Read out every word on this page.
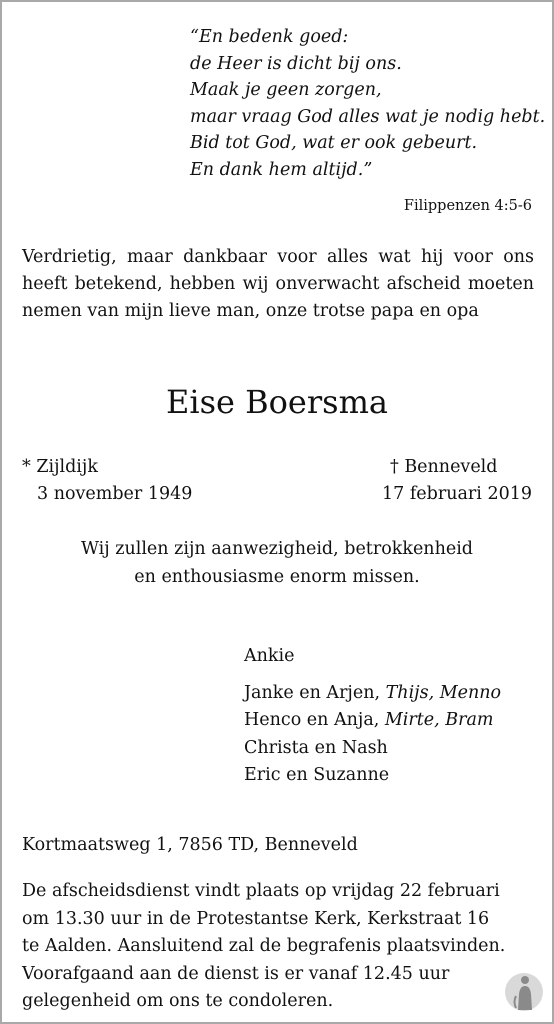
“En bedenk goed:
de Heer is dicht bij ons.
Maak je geen zorgen,
maar vraag God alles wat je nodig hebt.
Bid tot God, wat er ook gebeurt.
En dank hem altijd.”
Filippenzen 4:5-6
Verdrietig, maar dankbaar voor alles wat hij voor ons heeft betekend, hebben wij onverwacht afscheid moeten nemen van mijn lieve man, onze trotse papa en opa
Eise Boersma
* Zijldijk
3 november 1949
† Benneveld
17 februari 2019
Wij zullen zijn aanwezigheid, betrokkenheid
en enthousiasme enorm missen.
Ankie
Janke en Arjen, Thijs, Menno
Henco en Anja, Mirte, Bram
Christa en Nash
Eric en Suzanne
Kortmaatsweg 1, 7856 TD, Benneveld
De afscheidsdienst vindt plaats op vrijdag 22 februari
om 13.30 uur in de Protestantse Kerk, Kerkstraat 16
te Aalden. Aansluitend zal de begrafenis plaatsvinden.
Voorafgaand aan de dienst is er vanaf 12.45 uur
gelegenheid om ons te condoleren.
